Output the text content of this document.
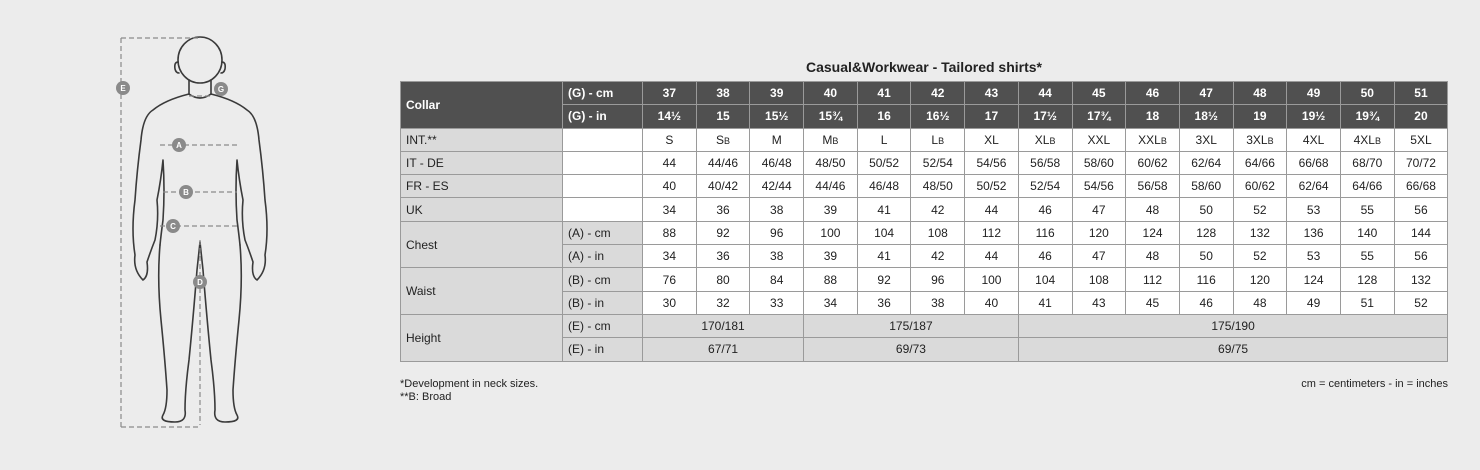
E	G
A
B
C
D
Casual&Workwear - Tailored shirts*
Collar	(G) - cm	37	38	39	40	41	42	43	44	45	46	47	48	49	50	51
	(G) - in	14½	15	15½	15¾	16	16½	17	17½	17¾	18	18½	19	19½	19¾	20
INT.**		S	SB	M	MB	L	LB	XL	XLB	XXL	XXLB	3XL	3XLB	4XL	4XLB	5XL
IT - DE		44	44/46	46/48	48/50	50/52	52/54	54/56	56/58	58/60	60/62	62/64	64/66	66/68	68/70	70/72
FR - ES		40	40/42	42/44	44/46	46/48	48/50	50/52	52/54	54/56	56/58	58/60	60/62	62/64	64/66	66/68
UK		34	36	38	39	41	42	44	46	47	48	50	52	53	55	56
Chest	(A) - cm	88	92	96	100	104	108	112	116	120	124	128	132	136	140	144
	(A) - in	34	36	38	39	41	42	44	46	47	48	50	52	53	55	56
Waist	(B) - cm	76	80	84	88	92	96	100	104	108	112	116	120	124	128	132
	(B) - in	30	32	33	34	36	38	40	41	43	45	46	48	49	51	52
Height	(E) - cm	170/181			175/187				175/190							
	(E) - in	67/71			69/73				69/75							
*Development in neck sizes.
**B: Broad
cm = centimeters - in = inches
